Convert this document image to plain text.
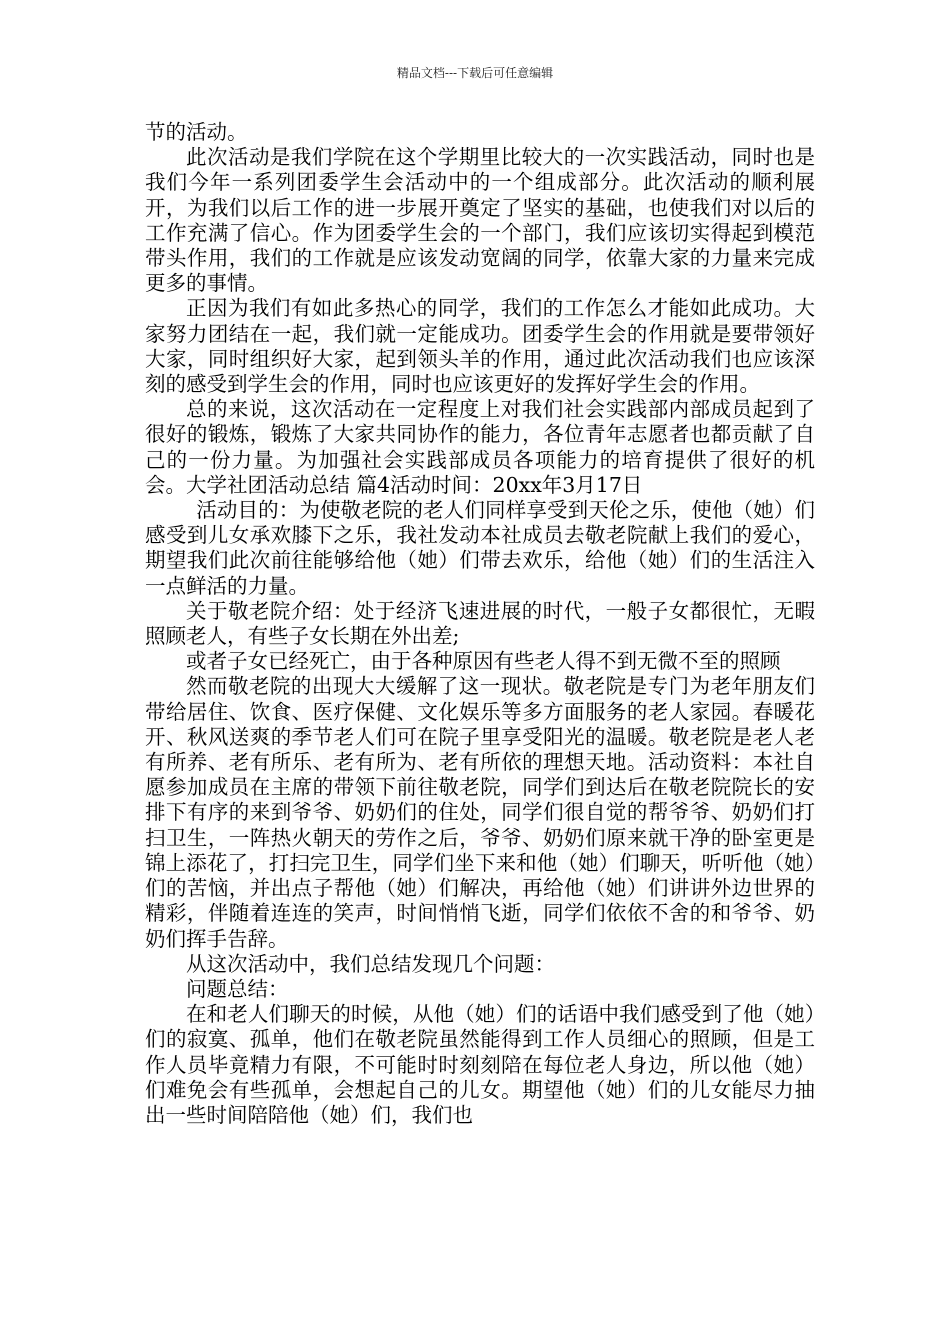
精品文档---下载后可任意编辑

节的活动。

此次活动是我们学院在这个学期里比较大的一次实践活动，同时也是我们今年一系列团委学生会活动中的一个组成部分。此次活动的顺利展开，为我们以后工作的进一步展开奠定了坚实的基础，也使我们对以后的工作充满了信心。作为团委学生会的一个部门，我们应该切实得起到模范带头作用，我们的工作就是应该发动宽阔的同学，依靠大家的力量来完成更多的事情。

正因为我们有如此多热心的同学，我们的工作怎么才能如此成功。大家努力团结在一起，我们就一定能成功。团委学生会的作用就是要带领好大家，同时组织好大家，起到领头羊的作用，通过此次活动我们也应该深刻的感受到学生会的作用，同时也应该更好的发挥好学生会的作用。

总的来说，这次活动在一定程度上对我们社会实践部内部成员起到了很好的锻炼，锻炼了大家共同协作的能力，各位青年志愿者也都贡献了自己的一份力量。为加强社会实践部成员各项能力的培育提供了很好的机会。大学社团活动总结 篇4活动时间：20xx年3月17日

活动目的：为使敬老院的老人们同样享受到天伦之乐，使他（她）们感受到儿女承欢膝下之乐，我社发动本社成员去敬老院献上我们的爱心，期望我们此次前往能够给他（她）们带去欢乐，给他（她）们的生活注入一点鲜活的力量。

关于敬老院介绍：处于经济飞速进展的时代，一般子女都很忙，无暇照顾老人，有些子女长期在外出差;

或者子女已经死亡，由于各种原因有些老人得不到无微不至的照顾

然而敬老院的出现大大缓解了这一现状。敬老院是专门为老年朋友们带给居住、饮食、医疗保健、文化娱乐等多方面服务的老人家园。春暖花开、秋风送爽的季节老人们可在院子里享受阳光的温暖。敬老院是老人老有所养、老有所乐、老有所为、老有所依的理想天地。活动资料：本社自愿参加成员在主席的带领下前往敬老院，同学们到达后在敬老院院长的安排下有序的来到爷爷、奶奶们的住处，同学们很自觉的帮爷爷、奶奶们打扫卫生，一阵热火朝天的劳作之后，爷爷、奶奶们原来就干净的卧室更是锦上添花了，打扫完卫生，同学们坐下来和他（她）们聊天，听听他（她）们的苦恼，并出点子帮他（她）们解决，再给他（她）们讲讲外边世界的精彩，伴随着连连的笑声，时间悄悄飞逝，同学们依依不舍的和爷爷、奶奶们挥手告辞。

从这次活动中，我们总结发现几个问题：

问题总结：

在和老人们聊天的时候，从他（她）们的话语中我们感受到了他（她）们的寂寞、孤单，他们在敬老院虽然能得到工作人员细心的照顾，但是工作人员毕竟精力有限，不可能时时刻刻陪在每位老人身边，所以他（她）们难免会有些孤单，会想起自己的儿女。期望他（她）们的儿女能尽力抽出一些时间陪陪他（她）们，我们也
